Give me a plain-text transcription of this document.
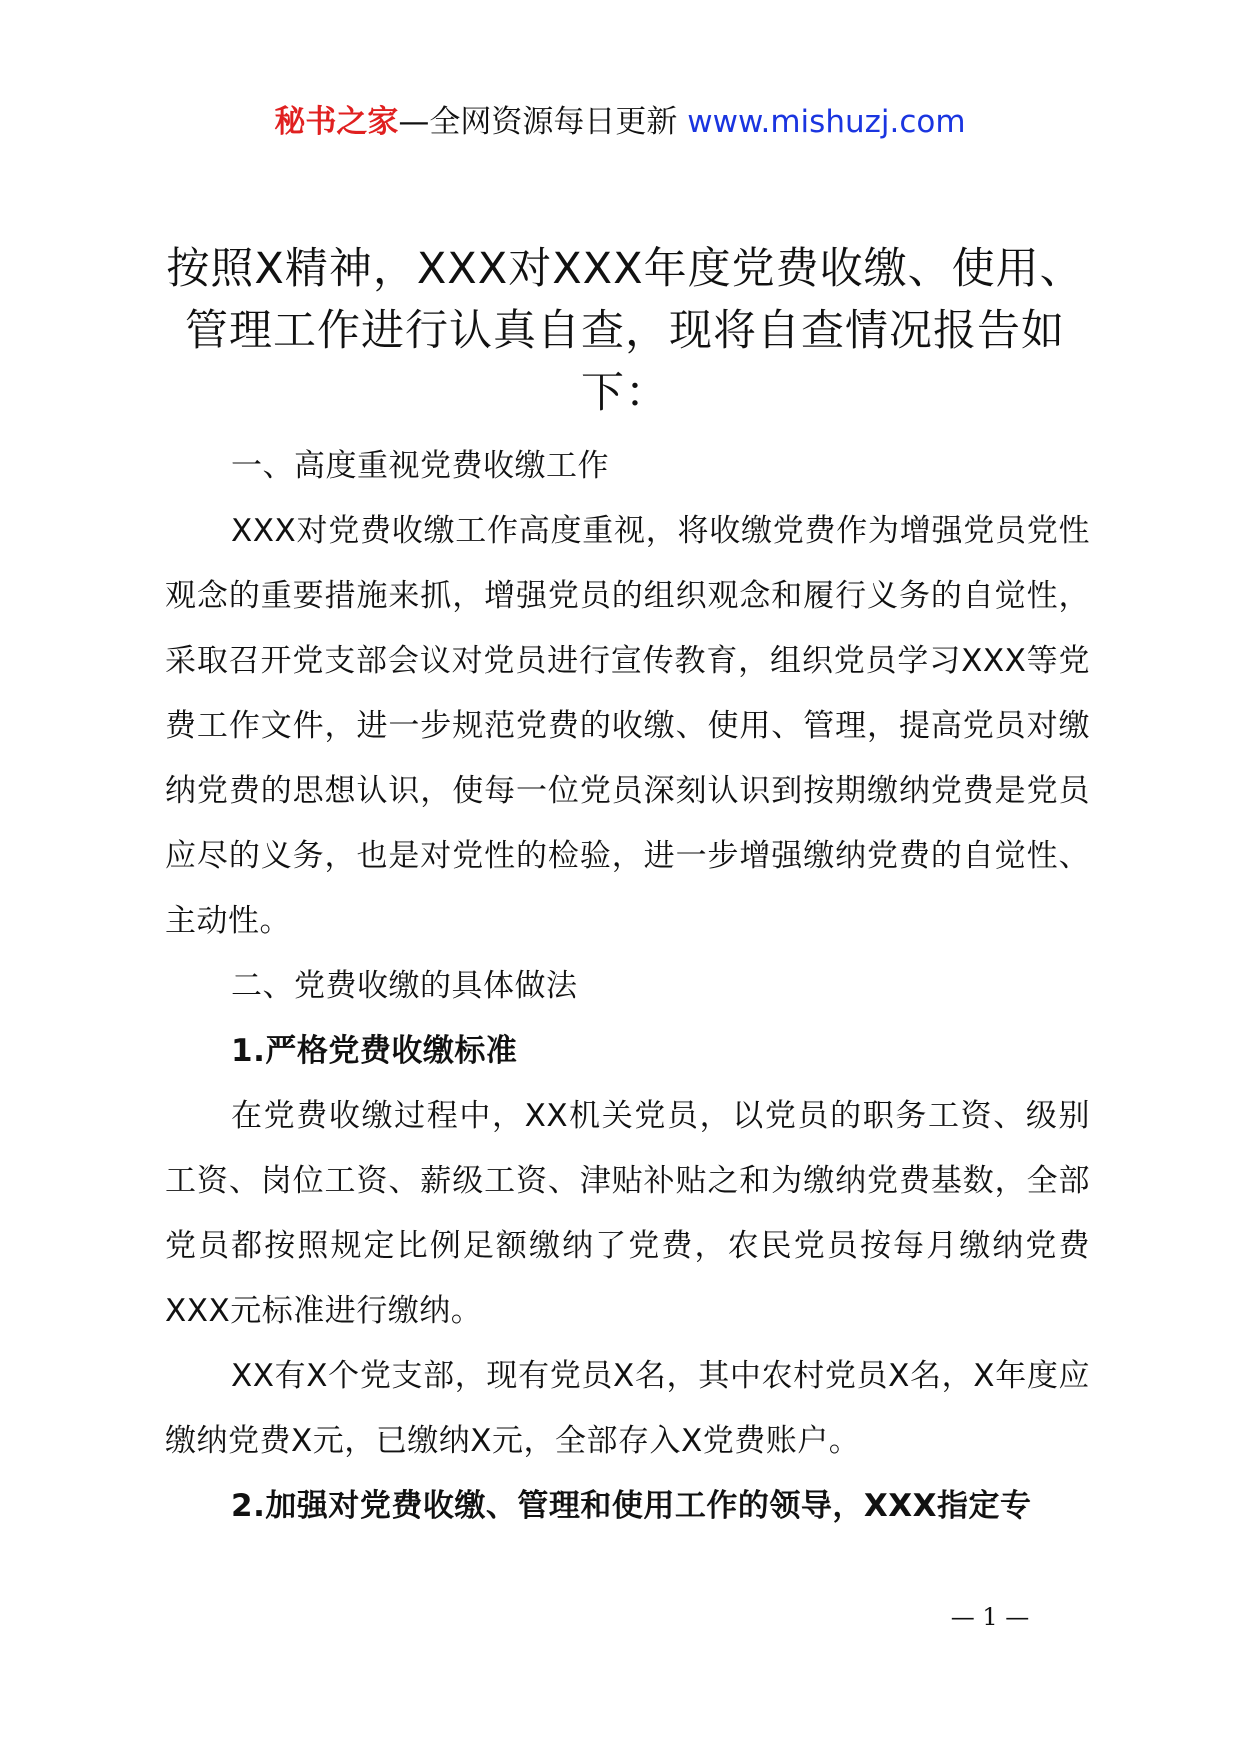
秘书之家—全网资源每日更新 www.mishuzj.com
按照X精神，XXX对XXX年度党费收缴、使用、管理工作进行认真自查，现将自查情况报告如下：

一、高度重视党费收缴工作

XXX对党费收缴工作高度重视，将收缴党费作为增强党员党性观念的重要措施来抓，增强党员的组织观念和履行义务的自觉性，采取召开党支部会议对党员进行宣传教育，组织党员学习XXX等党费工作文件，进一步规范党费的收缴、使用、管理，提高党员对缴纳党费的思想认识，使每一位党员深刻认识到按期缴纳党费是党员应尽的义务，也是对党性的检验，进一步增强缴纳党费的自觉性、主动性。

二、党费收缴的具体做法

1.严格党费收缴标准

在党费收缴过程中，XX机关党员，以党员的职务工资、级别工资、岗位工资、薪级工资、津贴补贴之和为缴纳党费基数，全部党员都按照规定比例足额缴纳了党费，农民党员按每月缴纳党费XXX元标准进行缴纳。

XX有X个党支部，现有党员X名，其中农村党员X名，X年度应缴纳党费X元，已缴纳X元，全部存入X党费账户。

2.加强对党费收缴、管理和使用工作的领导，XXX指定专

— 1 —
